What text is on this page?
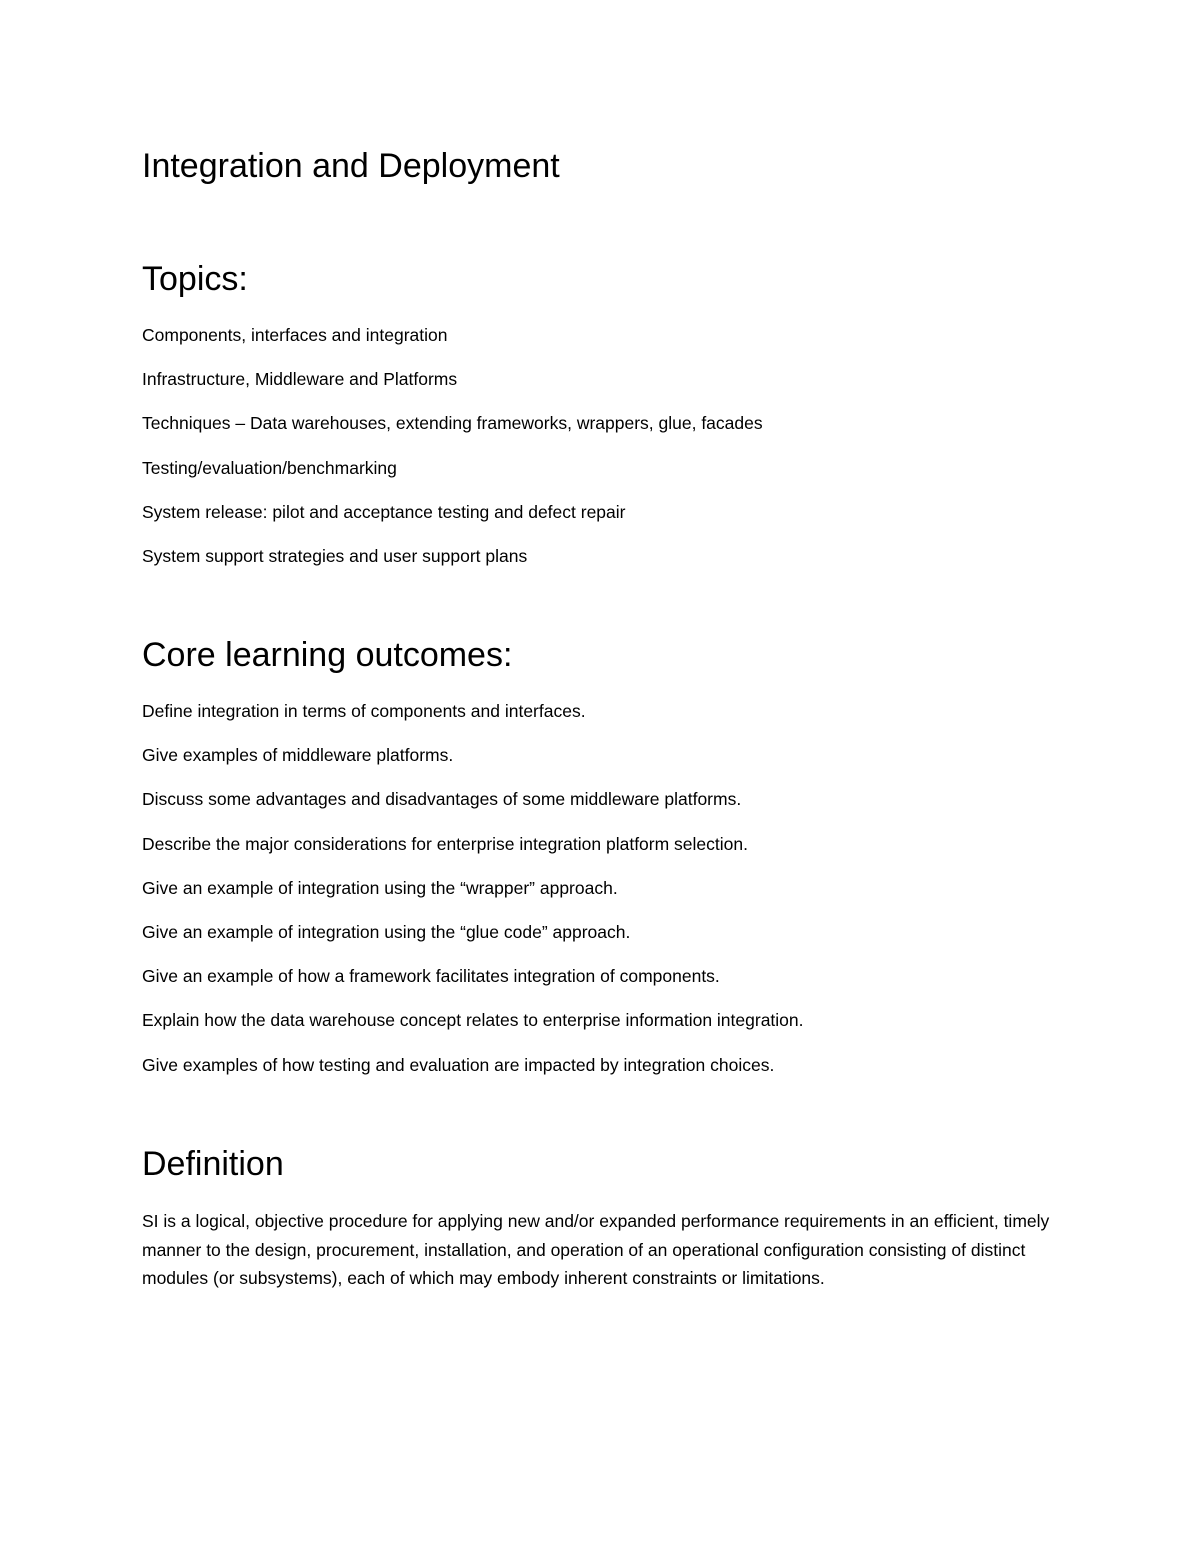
Integration and Deployment
Topics:
Components, interfaces and integration
Infrastructure, Middleware and Platforms
Techniques – Data warehouses, extending frameworks, wrappers, glue, facades
Testing/evaluation/benchmarking
System release: pilot and acceptance testing and defect repair
System support strategies and user support plans
Core learning outcomes:
Define integration in terms of components and interfaces.
Give examples of middleware platforms.
Discuss some advantages and disadvantages of some middleware platforms.
Describe the major considerations for enterprise integration platform selection.
Give an example of integration using the “wrapper” approach.
Give an example of integration using the “glue code” approach.
Give an example of how a framework facilitates integration of components.
Explain how the data warehouse concept relates to enterprise information integration.
Give examples of how testing and evaluation are impacted by integration choices.
Definition

SI is a logical, objective procedure for applying new and/or expanded performance requirements in an efficient, timely manner to the design, procurement, installation, and operation of an operational configuration consisting of distinct modules (or subsystems), each of which may embody inherent constraints or limitations.
